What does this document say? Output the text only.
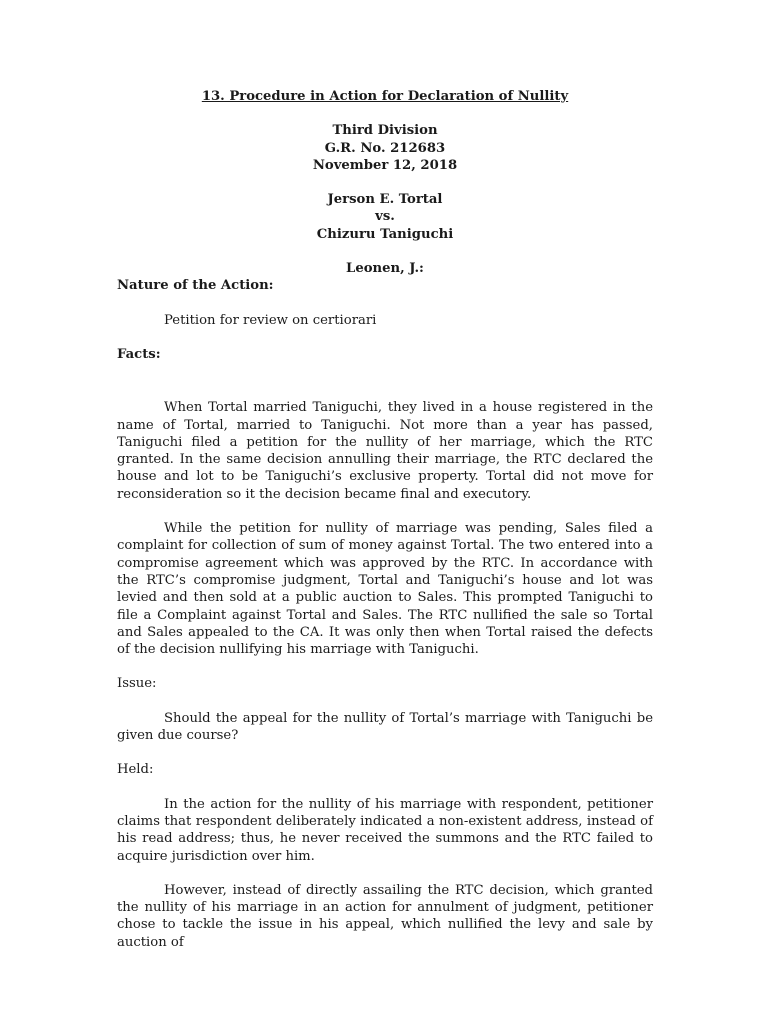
13. Procedure in Action for Declaration of Nullity

Third Division

G.R. No. 212683

November 12, 2018

Jerson E. Tortal

vs.

Chizuru Taniguchi

Leonen, J.:

Nature of the Action:

Petition for review on certiorari

Facts:

When Tortal married Taniguchi, they lived in a house registered in the name of Tortal, married to Taniguchi. Not more than a year has passed, Taniguchi filed a petition for the nullity of her marriage, which the RTC granted. In the same decision annulling their marriage, the RTC declared the house and lot to be Taniguchi’s exclusive property. Tortal did not move for reconsideration so it the decision became final and executory.

While the petition for nullity of marriage was pending, Sales filed a complaint for collection of sum of money against Tortal. The two entered into a compromise agreement which was approved by the RTC. In accordance with the RTC’s compromise judgment, Tortal and Taniguchi’s house and lot was levied and then sold at a public auction to Sales. This prompted Taniguchi to file a Complaint against Tortal and Sales. The RTC nullified the sale so Tortal and Sales appealed to the CA. It was only then when Tortal raised the defects of the decision nullifying his marriage with Taniguchi.

Issue:

Should the appeal for the nullity of Tortal’s marriage with Taniguchi be given due course?

Held:

In the action for the nullity of his marriage with respondent, petitioner claims that respondent deliberately indicated a non-existent address, instead of his read address; thus, he never received the summons and the RTC failed to acquire jurisdiction over him.

However, instead of directly assailing the RTC decision, which granted the nullity of his marriage in an action for annulment of judgment, petitioner chose to tackle the issue in his appeal, which nullified the levy and sale by auction of
